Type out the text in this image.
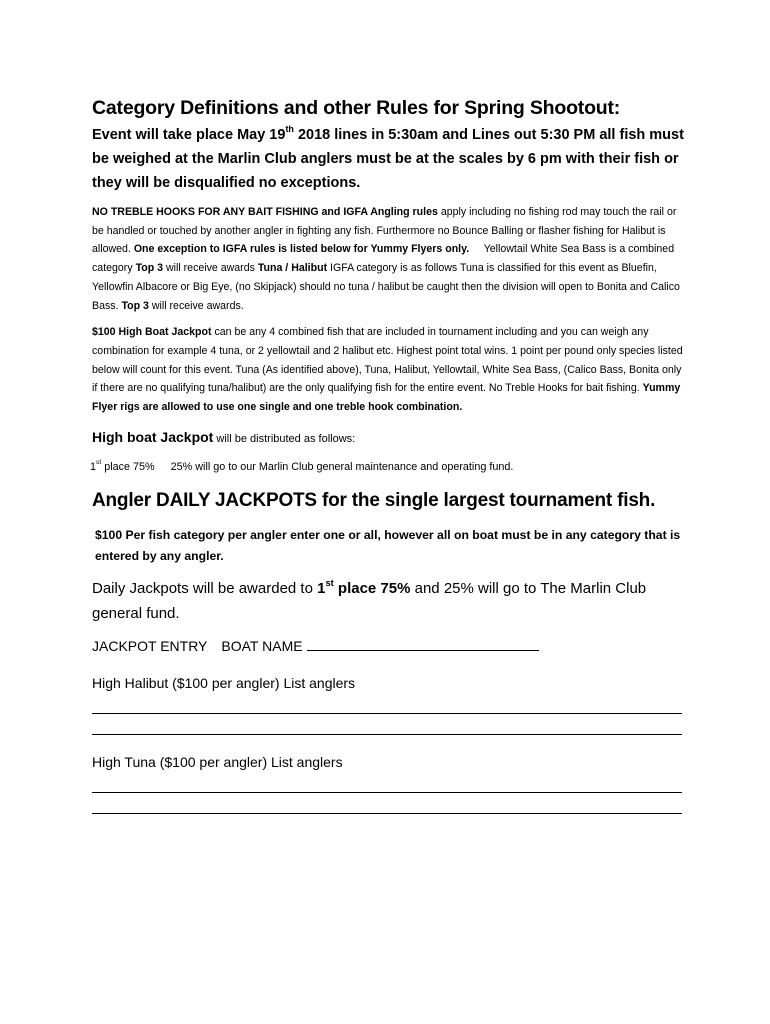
Category Definitions and other Rules for Spring Shootout:

Event will take place May 19th 2018 lines in 5:30am and Lines out 5:30 PM all fish must be weighed at the Marlin Club anglers must be at the scales by 6 pm with their fish or they will be disqualified no exceptions.

NO TREBLE HOOKS FOR ANY BAIT FISHING and IGFA Angling rules apply including no fishing rod may touch the rail or be handled or touched by another angler in fighting any fish. Furthermore no Bounce Balling or flasher fishing for Halibut is allowed. One exception to IGFA rules is listed below for Yummy Flyers only.     Yellowtail White Sea Bass is a combined category Top 3 will receive awards Tuna / Halibut IGFA category is as follows Tuna is classified for this event as Bluefin, Yellowfin Albacore or Big Eye, (no Skipjack) should no tuna / halibut be caught then the division will open to Bonita and Calico Bass. Top 3 will receive awards.

$100 High Boat Jackpot can be any 4 combined fish that are included in tournament including and you can weigh any combination for example 4 tuna, or 2 yellowtail and 2 halibut etc. Highest point total wins. 1 point per pound only species listed below will count for this event. Tuna (As identified above), Tuna, Halibut, Yellowtail, White Sea Bass, (Calico Bass, Bonita only if there are no qualifying tuna/halibut) are the only qualifying fish for the entire event. No Treble Hooks for bait fishing. Yummy Flyer rigs are allowed to use one single and one treble hook combination.

High boat Jackpot will be distributed as follows:

1st place 75% 25% will go to our Marlin Club general maintenance and operating fund.

Angler DAILY JACKPOTS for the single largest tournament fish.

$100 Per fish category per angler enter one or all, however all on boat must be in any category that is entered by any angler.

Daily Jackpots will be awarded to 1st place 75% and 25% will go to The Marlin Club general fund.

JACKPOT ENTRY BOAT NAME

High Halibut ($100 per angler) List anglers

High Tuna ($100 per angler) List anglers
